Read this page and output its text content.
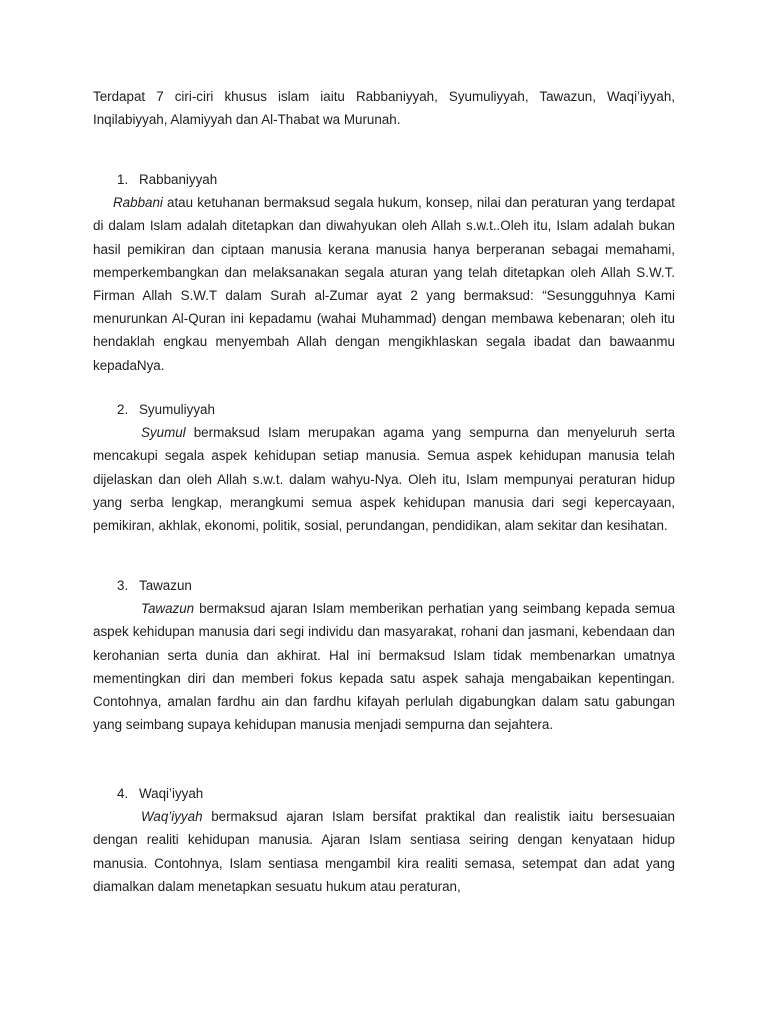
Terdapat 7 ciri-ciri khusus islam iaitu Rabbaniyyah, Syumuliyyah, Tawazun, Waqi’iyyah, Inqilabiyyah, Alamiyyah dan Al-Thabat wa Murunah.

1. Rabbaniyyah

Rabbani atau ketuhanan bermaksud segala hukum, konsep, nilai dan peraturan yang terdapat di dalam Islam adalah ditetapkan dan diwahyukan oleh Allah s.w.t..Oleh itu, Islam adalah bukan hasil pemikiran dan ciptaan manusia kerana manusia hanya berperanan sebagai memahami, memperkembangkan dan melaksanakan segala aturan yang telah ditetapkan oleh Allah S.W.T. Firman Allah S.W.T dalam Surah al-Zumar ayat 2 yang bermaksud: “Sesungguhnya Kami menurunkan Al-Quran ini kepadamu (wahai Muhammad) dengan membawa kebenaran; oleh itu hendaklah engkau menyembah Allah dengan mengikhlaskan segala ibadat dan bawaanmu kepadaNya.

2. Syumuliyyah

Syumul bermaksud Islam merupakan agama yang sempurna dan menyeluruh serta mencakupi segala aspek kehidupan setiap manusia. Semua aspek kehidupan manusia telah dijelaskan dan oleh Allah s.w.t. dalam wahyu-Nya. Oleh itu, Islam mempunyai peraturan hidup yang serba lengkap, merangkumi semua aspek kehidupan manusia dari segi kepercayaan, pemikiran, akhlak, ekonomi, politik, sosial, perundangan, pendidikan, alam sekitar dan kesihatan.

3. Tawazun

Tawazun bermaksud ajaran Islam memberikan perhatian yang seimbang kepada semua aspek kehidupan manusia dari segi individu dan masyarakat, rohani dan jasmani, kebendaan dan kerohanian serta dunia dan akhirat. Hal ini bermaksud Islam tidak membenarkan umatnya mementingkan diri dan memberi fokus kepada satu aspek sahaja mengabaikan kepentingan. Contohnya, amalan fardhu ain dan fardhu kifayah perlulah digabungkan dalam satu gabungan yang seimbang supaya kehidupan manusia menjadi sempurna dan sejahtera.

4. Waqi’iyyah

Waq’iyyah bermaksud ajaran Islam bersifat praktikal dan realistik iaitu bersesuaian dengan realiti kehidupan manusia. Ajaran Islam sentiasa seiring dengan kenyataan hidup manusia. Contohnya, Islam sentiasa mengambil kira realiti semasa, setempat dan adat yang diamalkan dalam menetapkan sesuatu hukum atau peraturan,
